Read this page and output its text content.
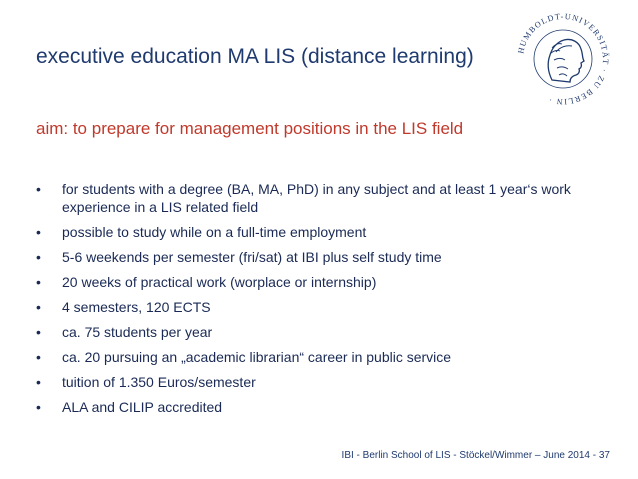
executive education MA LIS (distance learning)	HUMBOLDT-UNIVERSITÄT · ZU BERLIN ·

aim: to prepare for management positions in the LIS field

• for students with a degree (BA, MA, PhD) in any subject and at least 1 year‘s work experience in a LIS related field
• possible to study while on a full-time employment
• 5-6 weekends per semester (fri/sat) at IBI plus self study time
• 20 weeks of practical work (worplace or internship)
• 4 semesters, 120 ECTS
• ca. 75 students per year
• ca. 20 pursuing an „academic librarian“ career in public service
• tuition of 1.350 Euros/semester
• ALA and CILIP accredited

IBI - Berlin School of LIS - Stöckel/Wimmer – June 2014 - 37
